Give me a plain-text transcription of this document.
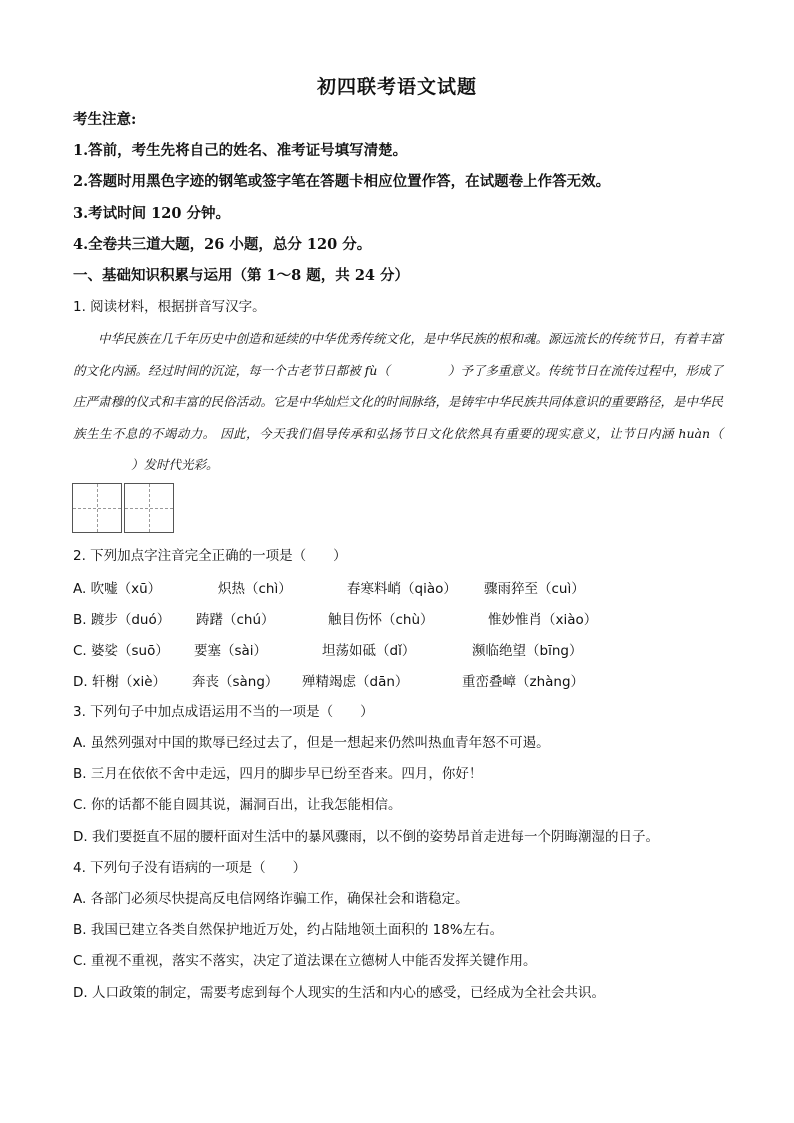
初四联考语文试题
考生注意:
1.答前，考生先将自己的姓名、准考证号填写清楚。
2.答题时用黑色字迹的钢笔或签字笔在答题卡相应位置作答，在试题卷上作答无效。
3.考试时间 120 分钟。
4.全卷共三道大题，26 小题，总分 120 分。
一、基础知识积累与运用（第 1～8 题，共 24 分）
1. 阅读材料，根据拼音写汉字。

中华民族在几千年历史中创造和延续的中华优秀传统文化，是中华民族的根和魂。源远流长的传统节日，有着丰富的文化内涵。经过时间的沉淀，每一个古老节日都被 fù（	）予了多重意义。传统节日在流传过程中，形成了庄严肃穆的仪式和丰富的民俗活动。它是中华灿烂文化的时间脉络，是铸牢中华民族共同体意识的重要路径，是中华民族生生不息的不竭动力。 因此，今天我们倡导传承和弘扬节日文化依然具有重要的现实意义，让节日内涵 huàn（）发时代光彩。

2. 下列加点字注音完全正确的一项是（　　）
A. 吹嘘（xū）	炽热（chì）	春寒料峭（qiào） 骤雨猝至（cuì）
B. 踱步（duó） 踌躇（chú）	触目伤怀（chù）	惟妙惟肖（xiào）
C. 婆娑（suō） 要塞（sài）	坦荡如砥（dǐ）	濒临绝望（bīng）
D. 轩榭（xiè） 奔丧（sàng） 殚精竭虑（dān）	重峦叠嶂（zhàng）
3. 下列句子中加点成语运用不当的一项是（　　）
A. 虽然列强对中国的欺辱已经过去了，但是一想起来仍然叫热血青年怒不可遏。
B. 三月在依依不舍中走远，四月的脚步早已纷至沓来。四月，你好！
C. 你的话都不能自圆其说，漏洞百出，让我怎能相信。
D. 我们要挺直不屈的腰杆面对生活中的暴风骤雨，以不倒的姿势昂首走进每一个阴晦潮湿的日子。
4. 下列句子没有语病的一项是（　　）
A. 各部门必须尽快提高反电信网络诈骗工作，确保社会和谐稳定。
B. 我国已建立各类自然保护地近万处，约占陆地领土面积的 18%左右。
C. 重视不重视，落实不落实，决定了道法课在立德树人中能否发挥关键作用。
D. 人口政策的制定，需要考虑到每个人现实的生活和内心的感受，已经成为全社会共识。
